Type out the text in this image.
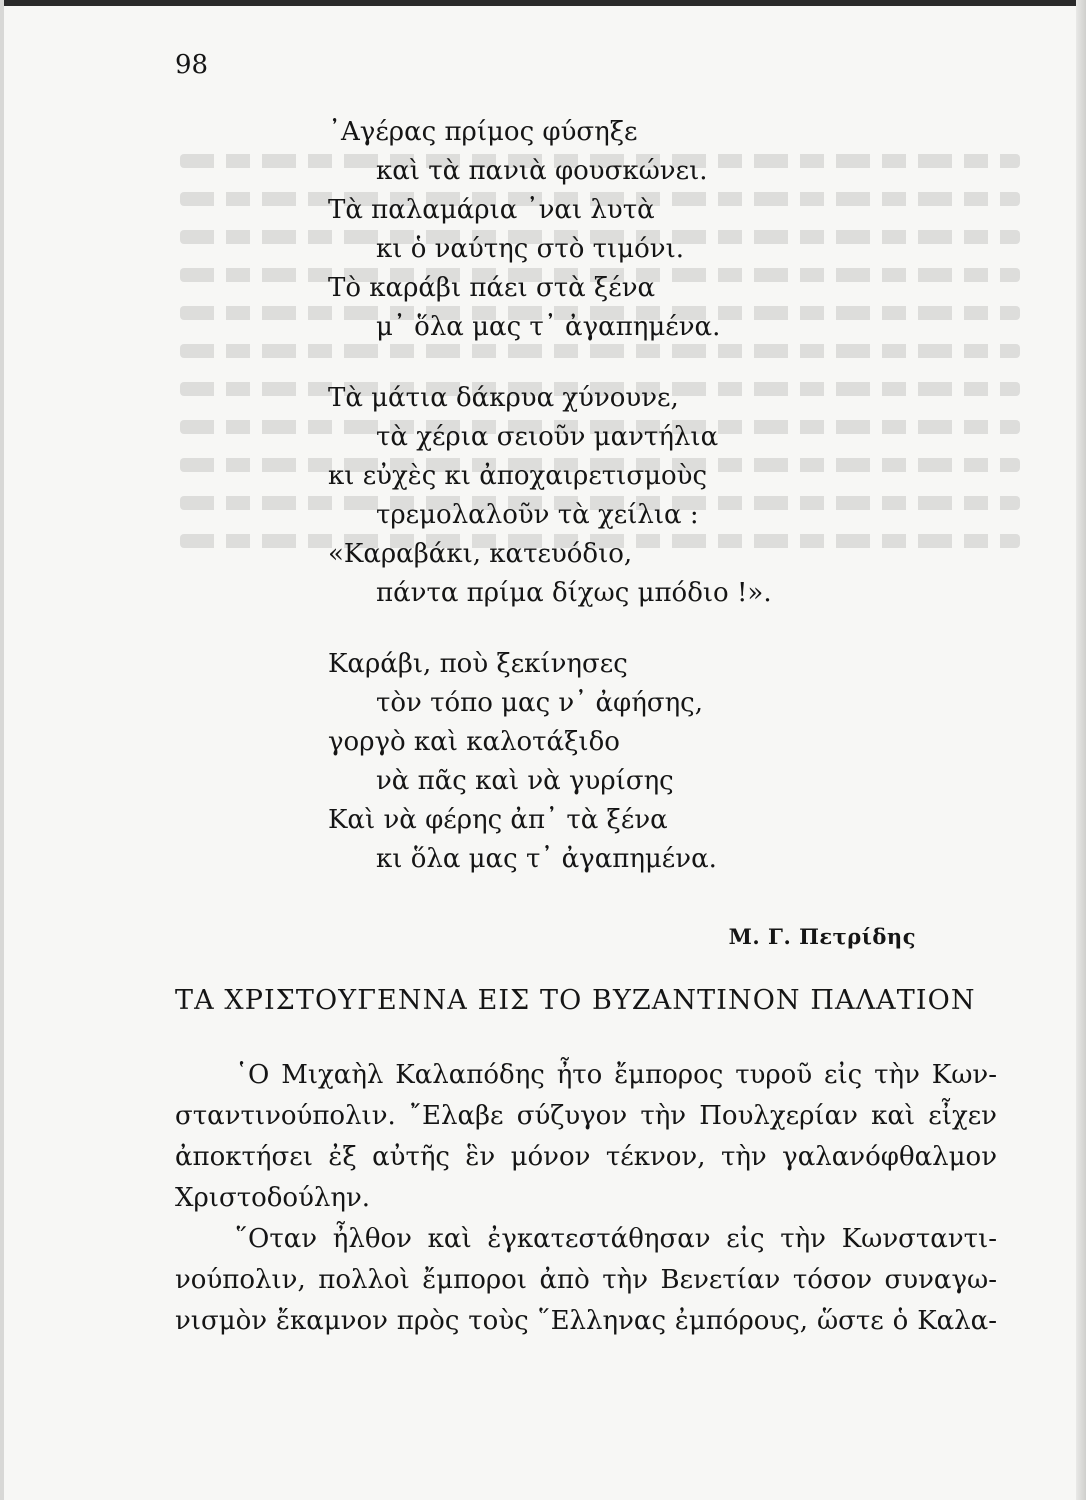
98
᾿Αγέρας πρίμος φύσηξε
καὶ τὰ πανιὰ φουσκώνει.
Τὰ παλαμάρια ᾿ναι λυτὰ
κι ὁ ναύτης στὸ τιμόνι.
Τὸ καράβι πάει στὰ ξένα
μ᾿ ὅλα μας τ᾿ ἀγαπημένα.
Τὰ μάτια δάκρυα χύνουνε,
τὰ χέρια σειοῦν μαντήλια
κι εὐχὲς κι ἀποχαιρετισμοὺς
τρεμολαλοῦν τὰ χείλια :
«Καραβάκι, κατευόδιο,
πάντα πρίμα δίχως μπόδιο !».
Καράβι, ποὺ ξεκίνησες
τὸν τόπο μας ν᾿ ἀφήσης,
γοργὸ καὶ καλοτάξιδο
νὰ πᾶς καὶ νὰ γυρίσης
Καὶ νὰ φέρης ἀπ᾿ τὰ ξένα
κι ὅλα μας τ᾿ ἀγαπημένα.
Μ. Γ. Πετρίδης
ΤΑ ΧΡΙΣΤΟΥΓΕΝΝΑ ΕΙΣ ΤΟ ΒΥΖΑΝΤΙΝΟΝ ΠΑΛΑΤΙΟΝ

῾Ο Μιχαὴλ Καλαπόδης ἦτο ἔμπορος τυροῦ εἰς τὴν Κων-
σταντινούπολιν. ῎Ελαβε σύζυγον τὴν Πουλχερίαν καὶ εἶχεν
ἀποκτήσει ἐξ αὐτῆς ἓν μόνον τέκνον, τὴν γαλανόφθαλμον
Χριστοδούλην.

῞Οταν ἦλθον καὶ ἐγκατεστάθησαν εἰς τὴν Κωνσταντι-
νούπολιν, πολλοὶ ἔμποροι ἀπὸ τὴν Βενετίαν τόσον συναγω-
νισμὸν ἔκαμνον πρὸς τοὺς ῞Ελληνας ἐμπόρους, ὥστε ὁ Καλα-
